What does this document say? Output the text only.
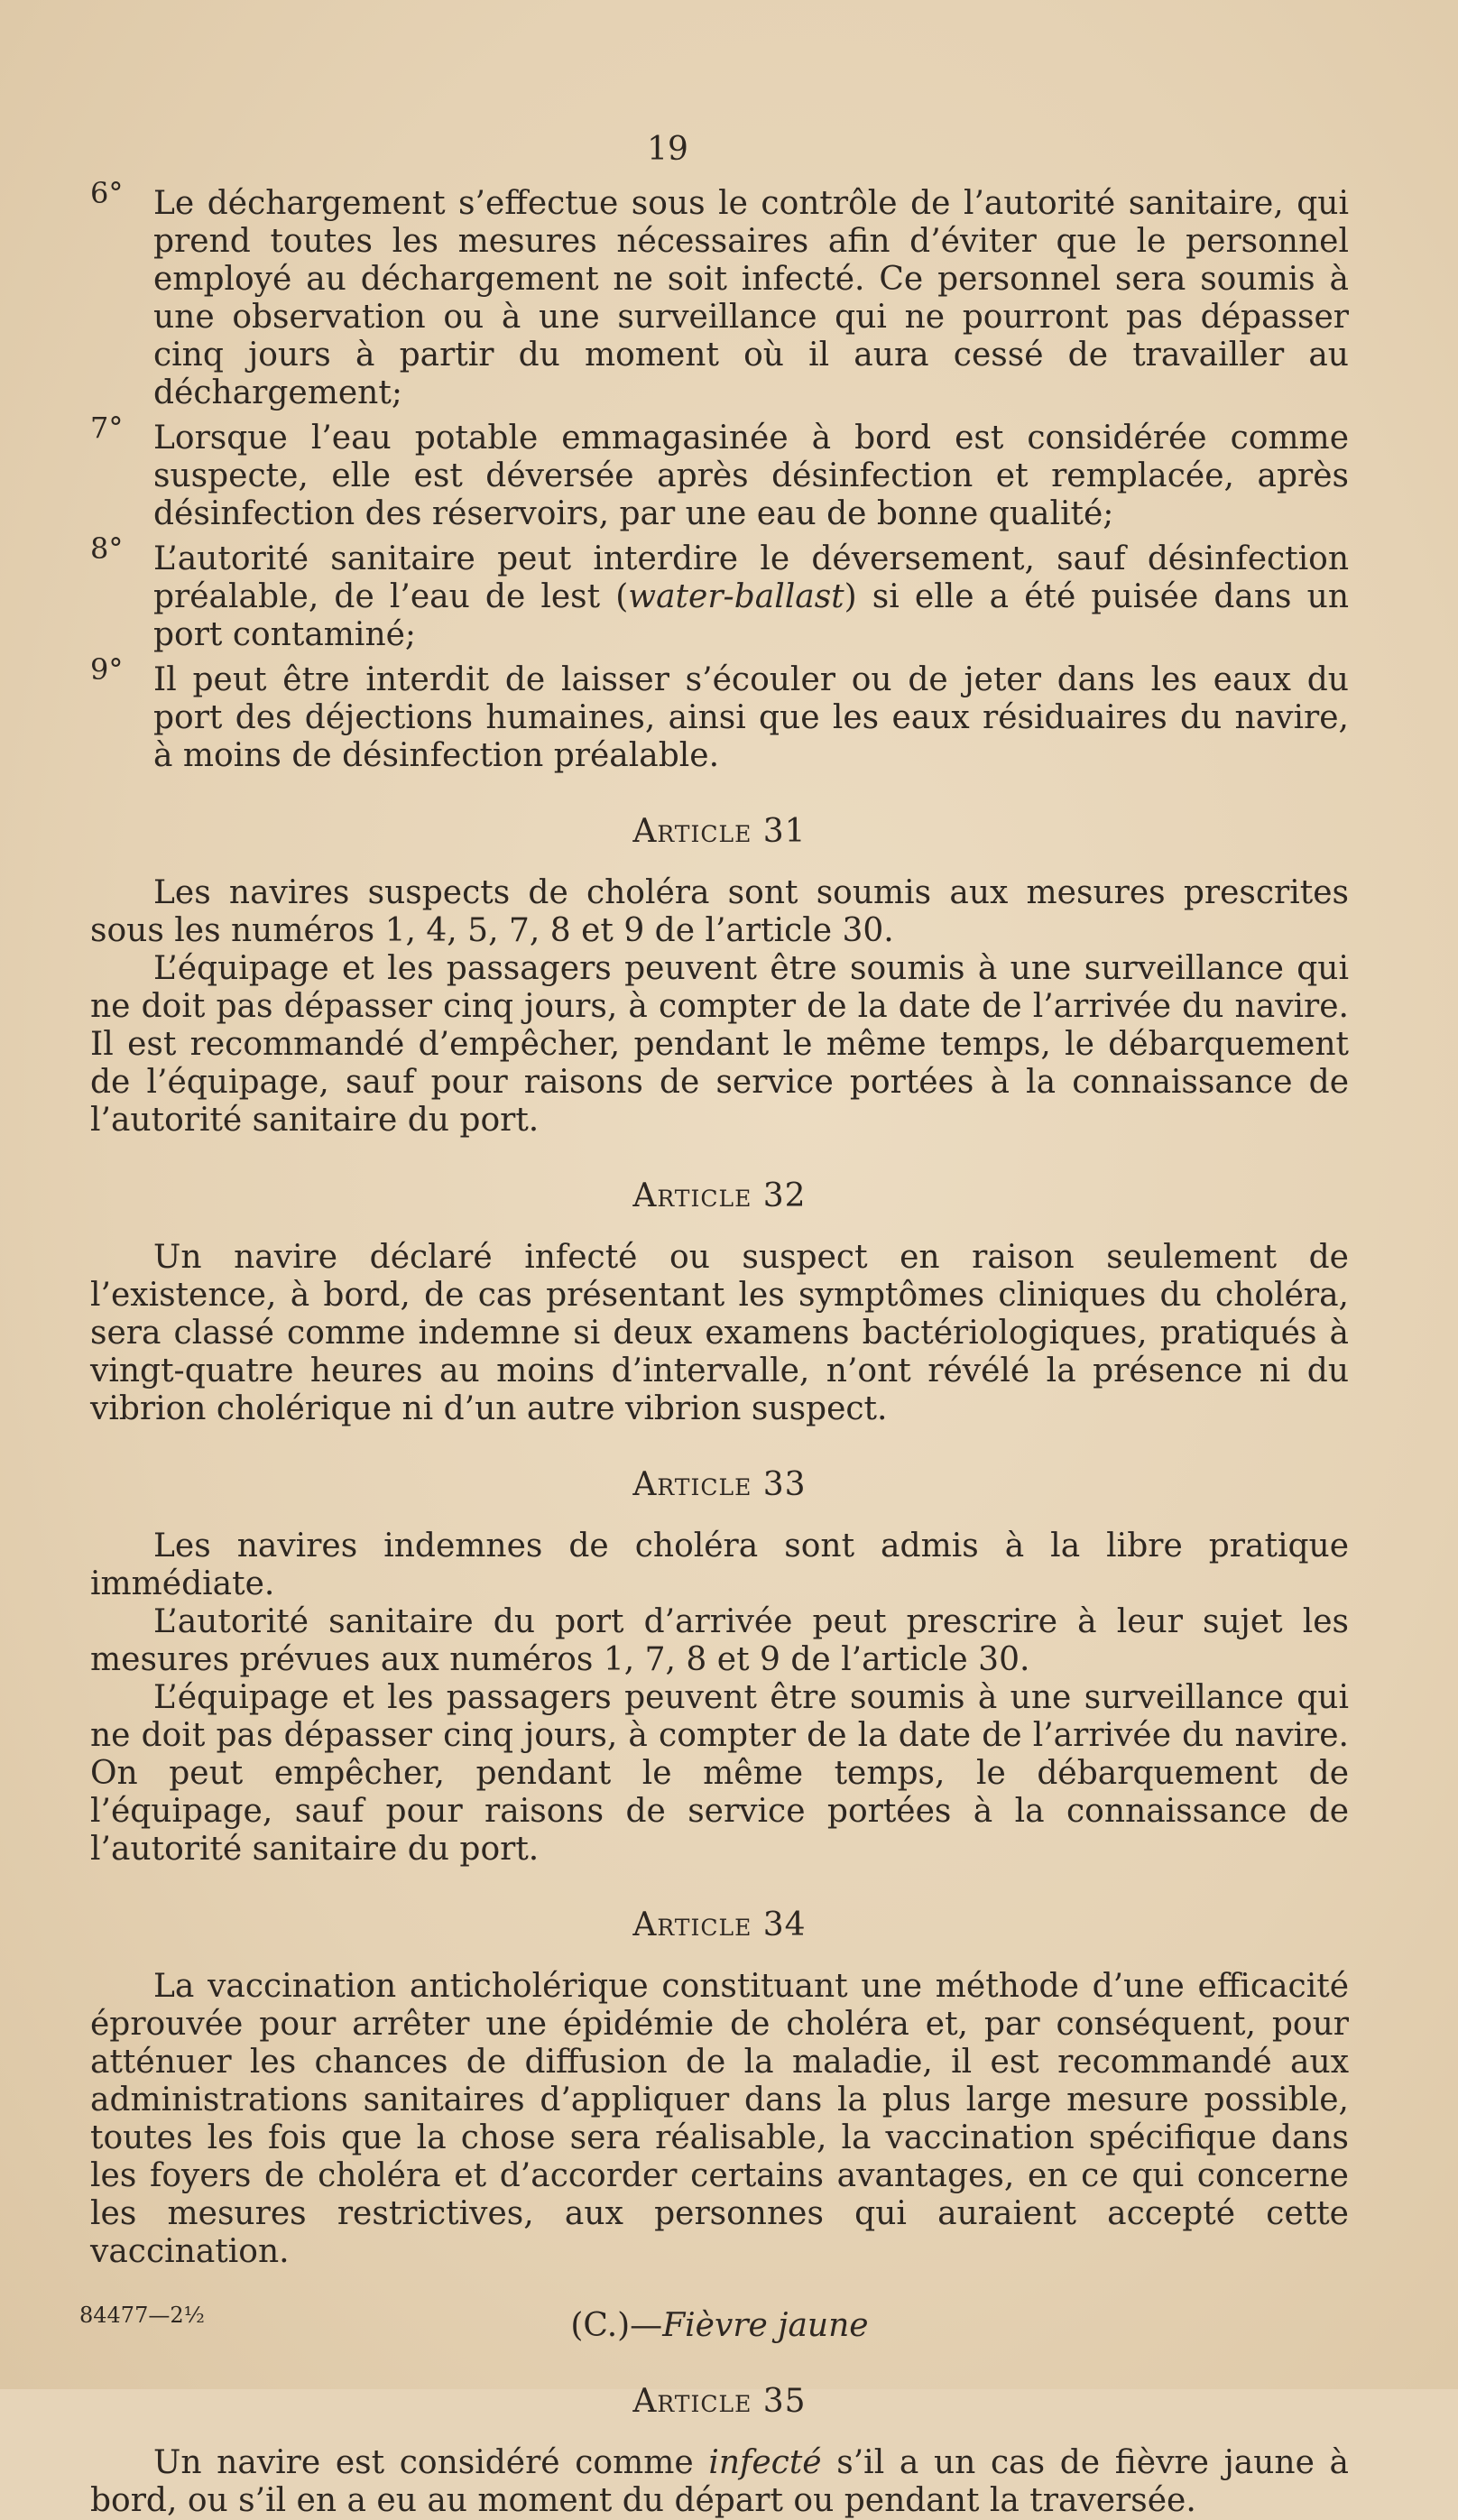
19
6° Le déchargement s’effectue sous le contrôle de l’autorité sanitaire, qui prend toutes les mesures nécessaires afin d’éviter que le personnel employé au déchargement ne soit infecté. Ce personnel sera soumis à une observation ou à une surveillance qui ne pourront pas dépasser cinq jours à partir du moment où il aura cessé de travailler au déchargement;
7° Lorsque l’eau potable emmagasinée à bord est considérée comme suspecte, elle est déversée après désinfection et remplacée, après désinfection des réservoirs, par une eau de bonne qualité;
8° L’autorité sanitaire peut interdire le déversement, sauf désinfection préalable, de l’eau de lest (water-ballast) si elle a été puisée dans un port contaminé;
9° Il peut être interdit de laisser s’écouler ou de jeter dans les eaux du port des déjections humaines, ainsi que les eaux résiduaires du navire, à moins de désinfection préalable.
Article 31

Les navires suspects de choléra sont soumis aux mesures prescrites sous les numéros 1, 4, 5, 7, 8 et 9 de l’article 30.

L’équipage et les passagers peuvent être soumis à une surveillance qui ne doit pas dépasser cinq jours, à compter de la date de l’arrivée du navire. Il est recommandé d’empêcher, pendant le même temps, le débarquement de l’équipage, sauf pour raisons de service portées à la connaissance de l’autorité sanitaire du port.

Article 32

Un navire déclaré infecté ou suspect en raison seulement de l’existence, à bord, de cas présentant les symptômes cliniques du choléra, sera classé comme indemne si deux examens bactériologiques, pratiqués à vingt-quatre heures au moins d’intervalle, n’ont révélé la présence ni du vibrion cholérique ni d’un autre vibrion suspect.

Article 33

Les navires indemnes de choléra sont admis à la libre pratique immédiate.

L’autorité sanitaire du port d’arrivée peut prescrire à leur sujet les mesures prévues aux numéros 1, 7, 8 et 9 de l’article 30.

L’équipage et les passagers peuvent être soumis à une surveillance qui ne doit pas dépasser cinq jours, à compter de la date de l’arrivée du navire. On peut empêcher, pendant le même temps, le débarquement de l’équipage, sauf pour raisons de service portées à la connaissance de l’autorité sanitaire du port.

Article 34

La vaccination anticholérique constituant une méthode d’une efficacité éprouvée pour arrêter une épidémie de choléra et, par conséquent, pour atténuer les chances de diffusion de la maladie, il est recommandé aux administrations sanitaires d’appliquer dans la plus large mesure possible, toutes les fois que la chose sera réalisable, la vaccination spécifique dans les foyers de choléra et d’accorder certains avantages, en ce qui concerne les mesures restrictives, aux personnes qui auraient accepté cette vaccination.

(C.)—Fièvre jaune
Article 35

Un navire est considéré comme infecté s’il a un cas de fièvre jaune à bord, ou s’il en a eu au moment du départ ou pendant la traversée.

84477—2½
